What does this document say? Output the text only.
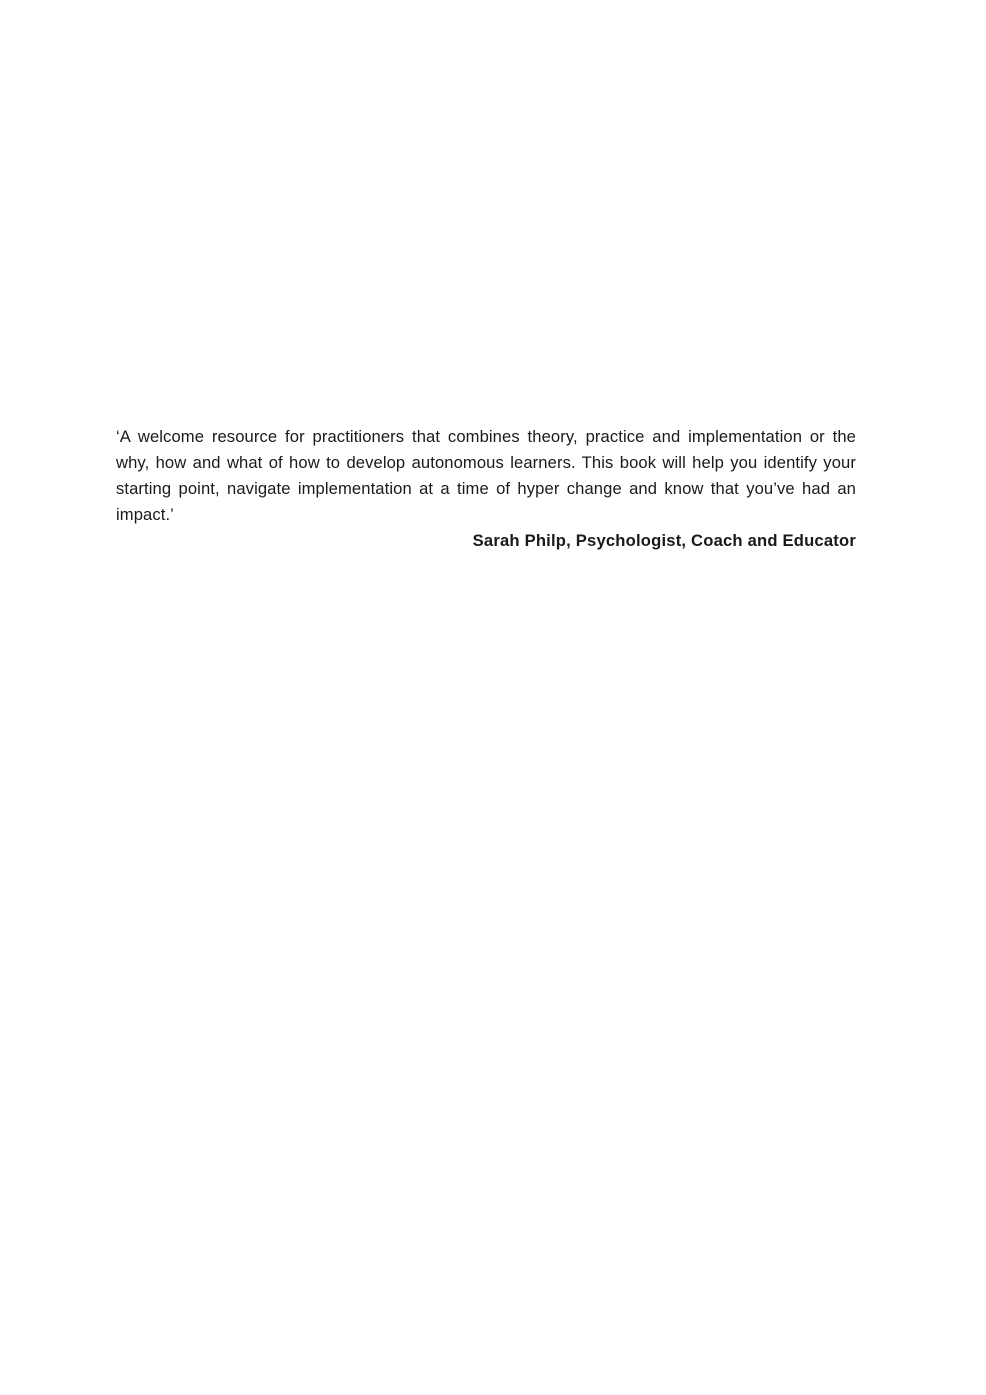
‘A welcome resource for practitioners that combines theory, practice and implementation or the why, how and what of how to develop autonomous learners. This book will help you identify your starting point, navigate implementation at a time of hyper change and know that you’ve had an impact.’

Sarah Philp, Psychologist, Coach and Educator
